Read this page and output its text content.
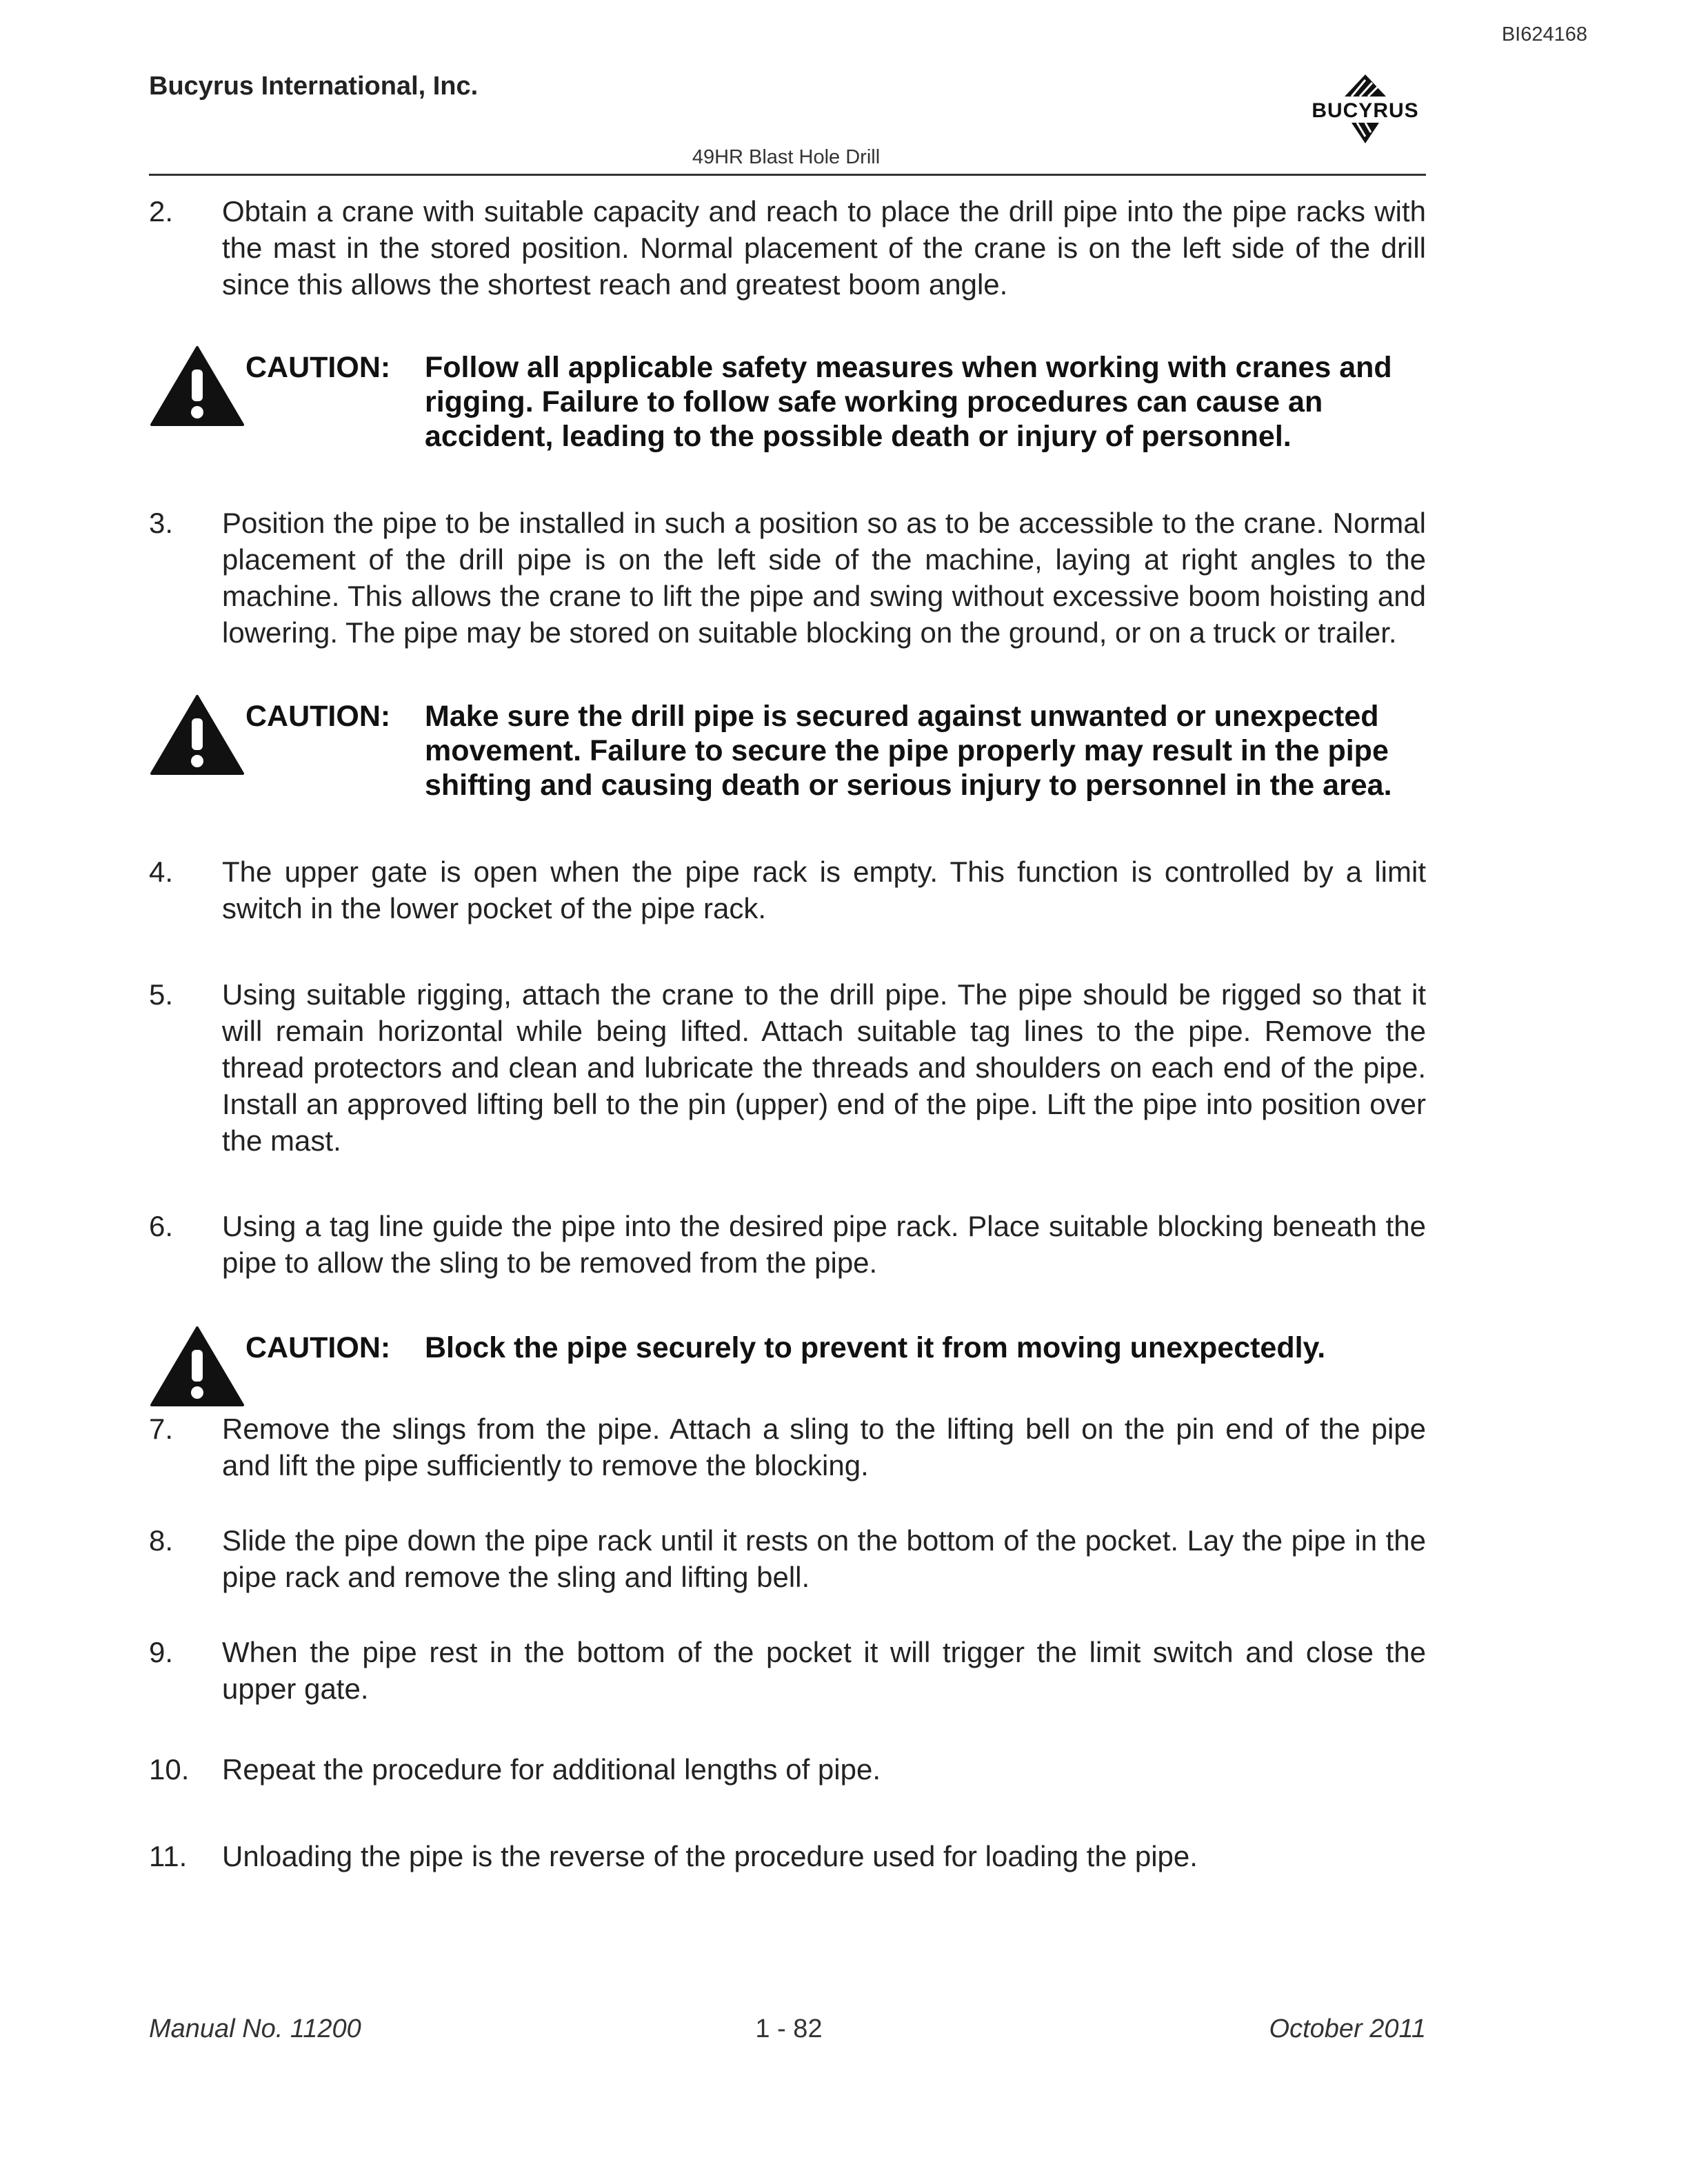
BI624168
Bucyrus International, Inc.
BUCYRUS
49HR Blast Hole Drill
2. Obtain a crane with suitable capacity and reach to place the drill pipe into the pipe racks with the mast in the stored position. Normal placement of the crane is on the left side of the drill since this allows the shortest reach and greatest boom angle.
CAUTION: Follow all applicable safety measures when working with cranes and rigging. Failure to follow safe working procedures can cause an accident, leading to the possible death or injury of personnel.
3. Position the pipe to be installed in such a position so as to be accessible to the crane. Normal placement of the drill pipe is on the left side of the machine, laying at right angles to the machine. This allows the crane to lift the pipe and swing without excessive boom hoisting and lowering. The pipe may be stored on suitable blocking on the ground, or on a truck or trailer.
CAUTION: Make sure the drill pipe is secured against unwanted or unexpected movement. Failure to secure the pipe properly may result in the pipe shifting and causing death or serious injury to personnel in the area.
4. The upper gate is open when the pipe rack is empty. This function is controlled by a limit switch in the lower pocket of the pipe rack.
5. Using suitable rigging, attach the crane to the drill pipe. The pipe should be rigged so that it will remain horizontal while being lifted. Attach suitable tag lines to the pipe. Remove the thread protectors and clean and lubricate the threads and shoulders on each end of the pipe. Install an approved lifting bell to the pin (upper) end of the pipe. Lift the pipe into position over the mast.
6. Using a tag line guide the pipe into the desired pipe rack. Place suitable blocking beneath the pipe to allow the sling to be removed from the pipe.
CAUTION: Block the pipe securely to prevent it from moving unexpectedly.
7. Remove the slings from the pipe. Attach a sling to the lifting bell on the pin end of the pipe and lift the pipe sufficiently to remove the blocking.
8. Slide the pipe down the pipe rack until it rests on the bottom of the pocket. Lay the pipe in the pipe rack and remove the sling and lifting bell.
9. When the pipe rest in the bottom of the pocket it will trigger the limit switch and close the upper gate.
10. Repeat the procedure for additional lengths of pipe.
11. Unloading the pipe is the reverse of the procedure used for loading the pipe.
Manual No. 11200	1 - 82	October 2011
